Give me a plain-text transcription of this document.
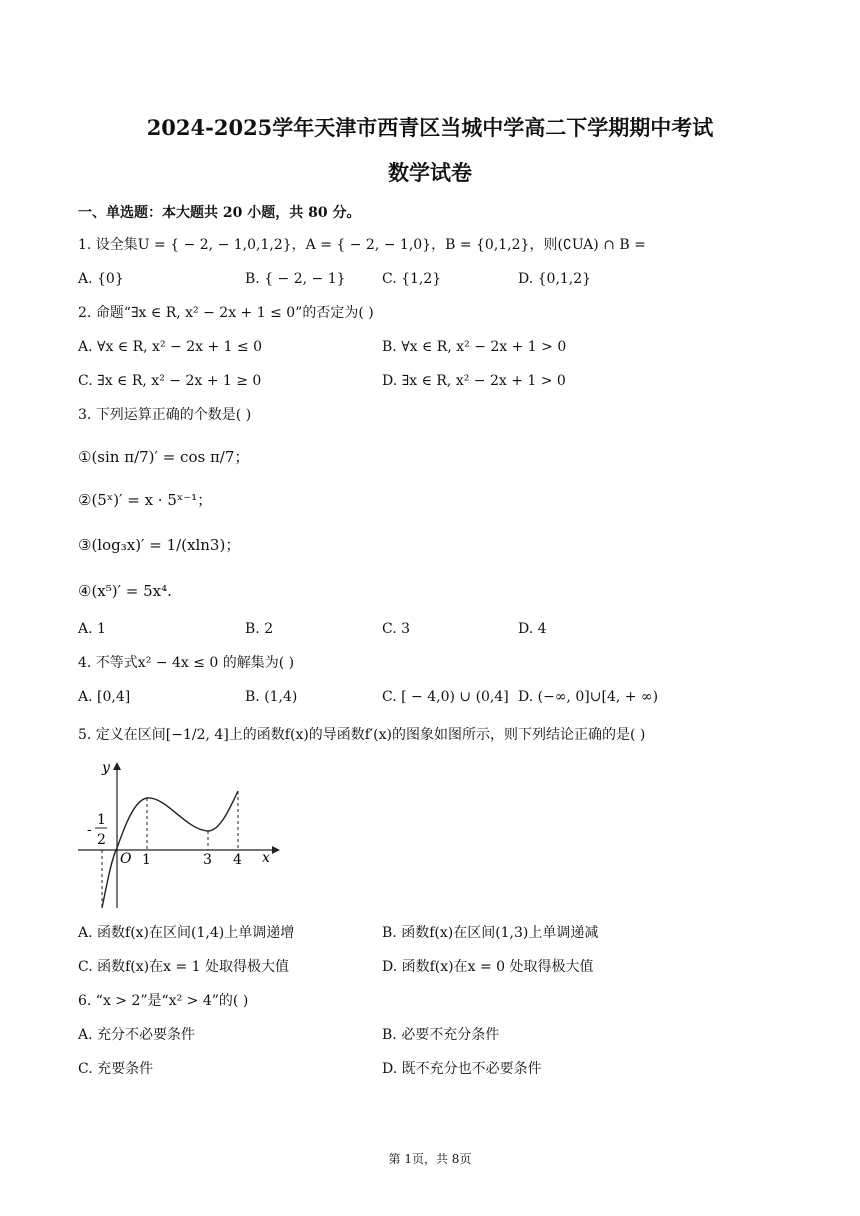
2024-2025学年天津市西青区当城中学高二下学期期中考试
数学试卷
一、单选题：本大题共 20 小题，共 80 分。
1. 设全集U = { − 2, − 1,0,1,2}，A = { − 2, − 1,0}，B = {0,1,2}，则(∁UA) ∩ B =
A. {0}	B. { − 2, − 1}	C. {1,2}	D. {0,1,2}
2. 命题“∃x ∈ R, x² − 2x + 1 ≤ 0”的否定为( )
A. ∀x ∈ R, x² − 2x + 1 ≤ 0	B. ∀x ∈ R, x² − 2x + 1 > 0
C. ∃x ∈ R, x² − 2x + 1 ≥ 0	D. ∃x ∈ R, x² − 2x + 1 > 0
3. 下列运算正确的个数是( )
①(sin π/7)′ = cos π/7；
②(5ˣ)′ = x · 5ˣ⁻¹；
③(log₃x)′ = 1/(xln3)；
④(x⁵)′ = 5x⁴.
A. 1	B. 2	C. 3	D. 4
4. 不等式x² − 4x ≤ 0 的解集为( )
A. [0,4]	B. (1,4)	C. [ − 4,0) ∪ (0,4] D. (−∞, 0]∪[4, + ∞)
5. 定义在区间[−1/2, 4]上的函数f(x)的导函数f′(x)的图象如图所示，则下列结论正确的是( )
y
x
O
-
1
2
1	3 4
A. 函数f(x)在区间(1,4)上单调递增	B. 函数f(x)在区间(1,3)上单调递减
C. 函数f(x)在x = 1 处取得极大值	D. 函数f(x)在x = 0 处取得极大值
6. “x > 2”是“x² > 4”的( )
A. 充分不必要条件	B. 必要不充分条件
C. 充要条件	D. 既不充分也不必要条件
第 1页，共 8页
